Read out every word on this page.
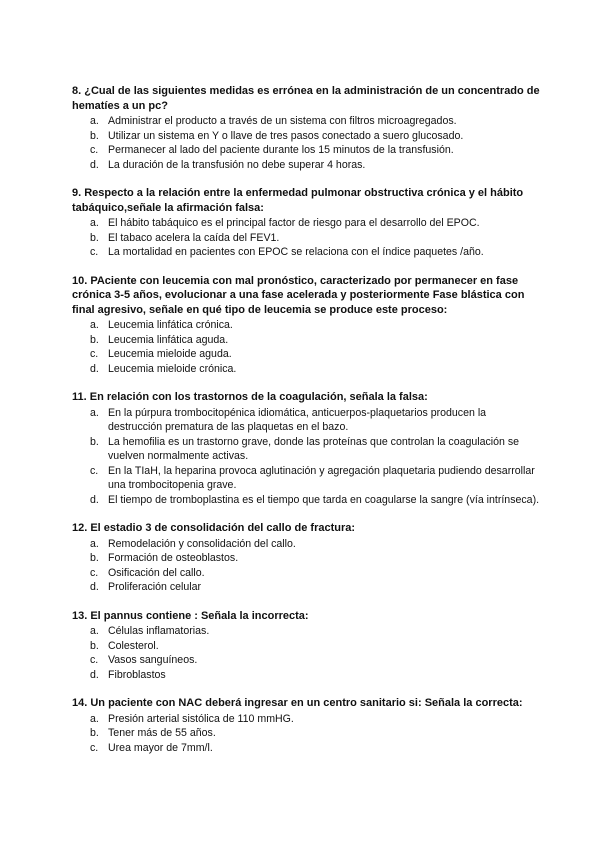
8. ¿Cual de las siguientes medidas es errónea en la administración de un concentrado de hematíes a un pc?

a. Administrar el producto a través de un sistema con filtros microagregados.
b. Utilizar un sistema en Y o llave de tres pasos conectado a suero glucosado.
c. Permanecer al lado del paciente durante los 15 minutos de la transfusión.
d. La duración de la transfusión no debe superar 4 horas.

9. Respecto a la relación entre la enfermedad pulmonar obstructiva crónica y el hábito tabáquico,señale la afirmación falsa:

a. El hábito tabáquico es el principal factor de riesgo para el desarrollo del EPOC.
b. El tabaco acelera la caída del FEV1.
c. La mortalidad en pacientes con EPOC se relaciona con el índice paquetes /año.

10. PAciente con leucemia con mal pronóstico, caracterizado por permanecer en fase crónica 3-5 años, evolucionar a una fase acelerada y posteriormente Fase blástica con final agresivo, señale en qué tipo de leucemia se produce este proceso:

a. Leucemia linfática crónica.
b. Leucemia linfática aguda.
c. Leucemia mieloide aguda.
d. Leucemia mieloide crónica.

11. En relación con los trastornos de la coagulación, señala la falsa:

a. En la púrpura trombocitopénica idiomática, anticuerpos-plaquetarios producen la destrucción prematura de las plaquetas en el bazo.
b. La hemofilia es un trastorno grave, donde las proteínas que controlan la coagulación se vuelven normalmente activas.
c. En la TIaH, la heparina provoca aglutinación y agregación plaquetaria pudiendo desarrollar una trombocitopenia grave.
d. El tiempo de tromboplastina es el tiempo que tarda en coagularse la sangre (vía intrínseca).

12. El estadio 3 de consolidación del callo de fractura:

a. Remodelación y consolidación del callo.
b. Formación de osteoblastos.
c. Osificación del callo.
d. Proliferación celular

13. El pannus contiene : Señala la incorrecta:

a. Células inflamatorias.
b. Colesterol.
c. Vasos sanguíneos.
d. Fibroblastos

14. Un paciente con NAC deberá ingresar en un centro sanitario si: Señala la correcta:

a. Presión arterial sistólica de 110 mmHG.
b. Tener más de 55 años.
c. Urea mayor de 7mm/l.
